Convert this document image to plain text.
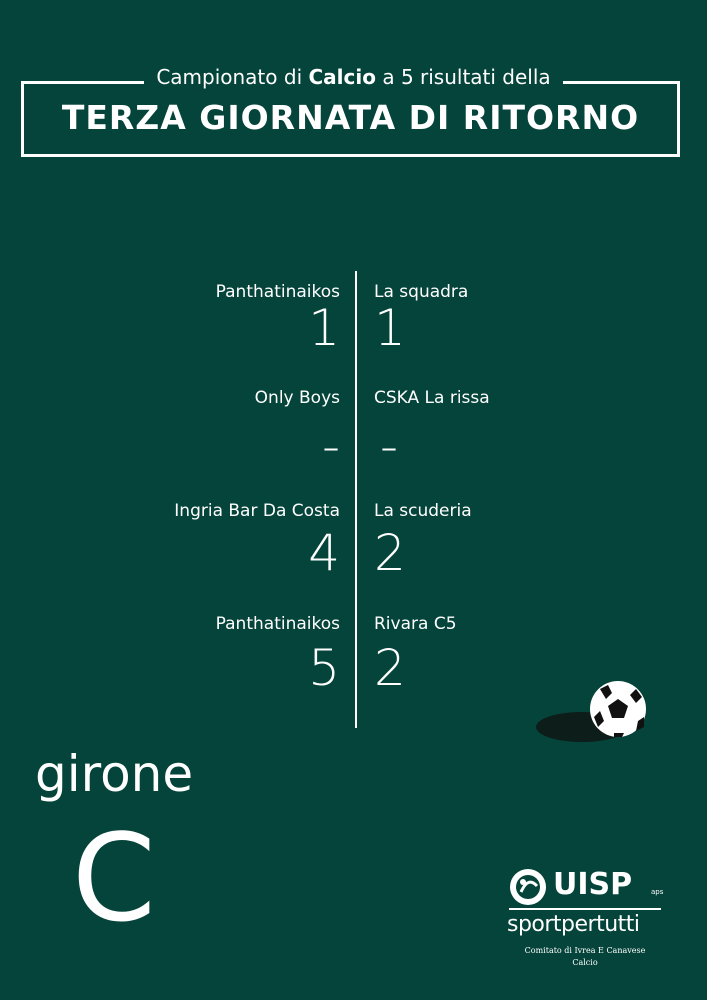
Campionato di Calcio a 5 risultati della
TERZA GIORNATA DI RITORNO
Panthatinaikos La squadra
1 1
Only Boys CSKA La rissa
- -
Ingria Bar Da Costa La scuderia
4 2
Panthatinaikos Rivara C5
5 2
girone
C	UISP	aps
sportpertutti
Comitato di Ivrea E Canavese
Calcio
